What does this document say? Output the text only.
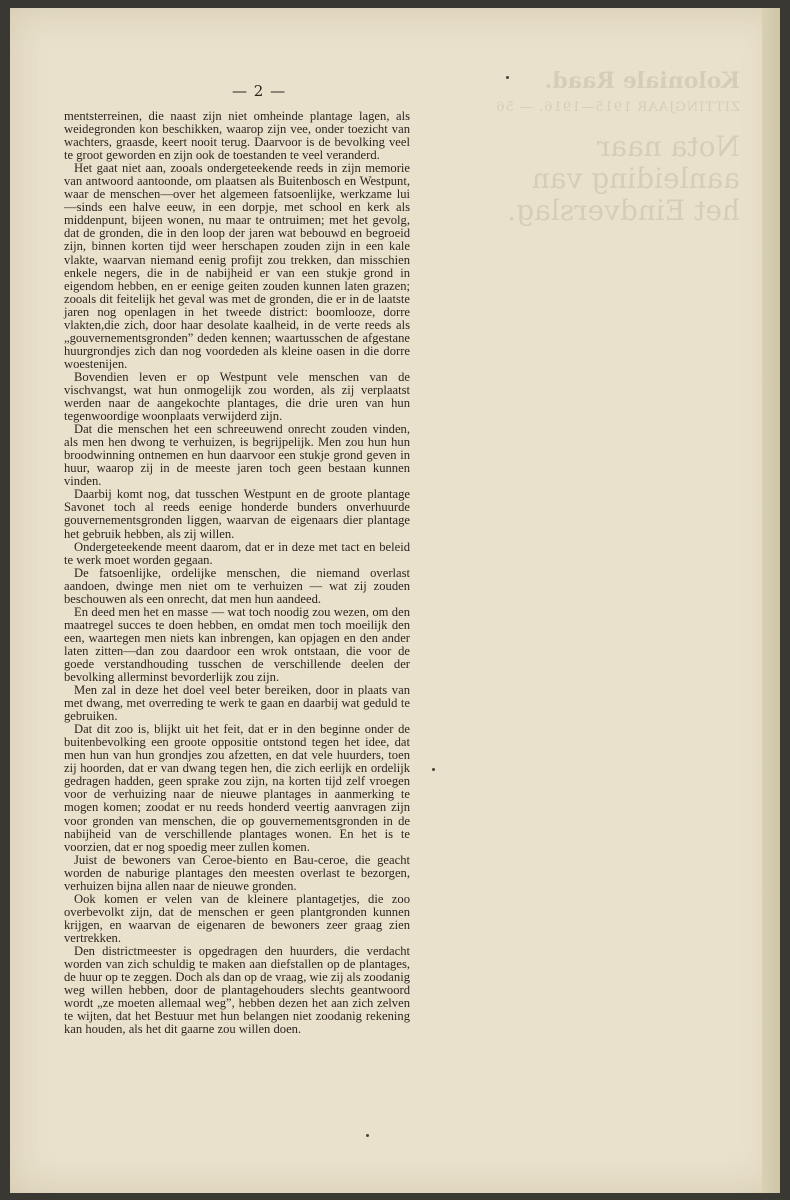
Koloniale Raad.
ZITTINGJAAR 1915—1916. — 56
Nota naar aanleiding van het Eindverslag.
— 2 —

mentsterreinen, die naast zijn niet omheinde plantage lagen, als weidegronden kon beschikken, waarop zijn vee, onder toezicht van wachters, graasde, keert nooit terug. Daarvoor is de bevolking veel te groot geworden en zijn ook de toestanden te veel veranderd.

Het gaat niet aan, zooals ondergeteekende reeds in zijn memorie van antwoord aantoonde, om plaatsen als Buitenbosch en Westpunt, waar de menschen—over het algemeen fatsoenlijke, werkzame lui—sinds een halve eeuw, in een dorpje, met school en kerk als middenpunt, bijeen wonen, nu maar te ontruimen; met het gevolg, dat de gronden, die in den loop der jaren wat bebouwd en begroeid zijn, binnen korten tijd weer herschapen zouden zijn in een kale vlakte, waarvan niemand eenig profijt zou trekken, dan misschien enkele negers, die in de nabijheid er van een stukje grond in eigendom hebben, en er eenige geiten zouden kunnen laten grazen; zooals dit feitelijk het geval was met de gronden, die er in de laatste jaren nog openlagen in het tweede district: boomlooze, dorre vlakten,die zich, door haar desolate kaalheid, in de verte reeds als „gouvernementsgronden” deden kennen; waartusschen de afgestane huurgrondjes zich dan nog voordeden als kleine oasen in die dorre woestenijen.

Bovendien leven er op Westpunt vele menschen van de vischvangst, wat hun onmogelijk zou worden, als zij verplaatst werden naar de aangekochte plantages, die drie uren van hun tegenwoordige woonplaats verwijderd zijn.

Dat die menschen het een schreeuwend onrecht zouden vinden, als men hen dwong te verhuizen, is begrijpelijk. Men zou hun hun broodwinning ontnemen en hun daarvoor een stukje grond geven in huur, waarop zij in de meeste jaren toch geen bestaan kunnen vinden.

Daarbij komt nog, dat tusschen Westpunt en de groote plantage Savonet toch al reeds eenige honderde bunders onverhuurde gouvernementsgronden liggen, waarvan de eigenaars dier plantage het gebruik hebben, als zij willen.

Ondergeteekende meent daarom, dat er in deze met tact en beleid te werk moet worden gegaan.

De fatsoenlijke, ordelijke menschen, die niemand overlast aandoen, dwinge men niet om te verhuizen — wat zij zouden beschouwen als een onrecht, dat men hun aandeed.

En deed men het en masse — wat toch noodig zou wezen, om den maatregel succes te doen hebben, en omdat men toch moeilijk den een, waartegen men niets kan inbrengen, kan opjagen en den ander laten zitten—dan zou daardoor een wrok ontstaan, die voor de goede verstandhouding tusschen de verschillende deelen der bevolking allerminst bevorderlijk zou zijn.

Men zal in deze het doel veel beter bereiken, door in plaats van met dwang, met overreding te werk te gaan en daarbij wat geduld te gebruiken.

Dat dit zoo is, blijkt uit het feit, dat er in den beginne onder de buitenbevolking een groote oppositie ontstond tegen het idee, dat men hun van hun grondjes zou afzetten, en dat vele huurders, toen zij hoorden, dat er van dwang tegen hen, die zich eerlijk en ordelijk gedragen hadden, geen sprake zou zijn, na korten tijd zelf vroegen voor de verhuizing naar de nieuwe plantages in aanmerking te mogen komen; zoodat er nu reeds honderd veertig aanvragen zijn voor gronden van menschen, die op gouvernementsgronden in de nabijheid van de verschillende plantages wonen. En het is te voorzien, dat er nog spoedig meer zullen komen.

Juist de bewoners van Ceroe-biento en Bau-ceroe, die geacht worden de naburige plantages den meesten overlast te bezorgen, verhuizen bijna allen naar de nieuwe gronden.

Ook komen er velen van de kleinere plantagetjes, die zoo overbevolkt zijn, dat de menschen er geen plantgronden kunnen krijgen, en waarvan de eigenaren de bewoners zeer graag zien vertrekken.

Den districtmeester is opgedragen den huurders, die verdacht worden van zich schuldig te maken aan diefstallen op de plantages, de huur op te zeggen. Doch als dan op de vraag, wie zij als zoodanig weg willen hebben, door de plantagehouders slechts geantwoord wordt „ze moeten allemaal weg”, hebben dezen het aan zich zelven te wijten, dat het Bestuur met hun belangen niet zoodanig rekening kan houden, als het dit gaarne zou willen doen.
